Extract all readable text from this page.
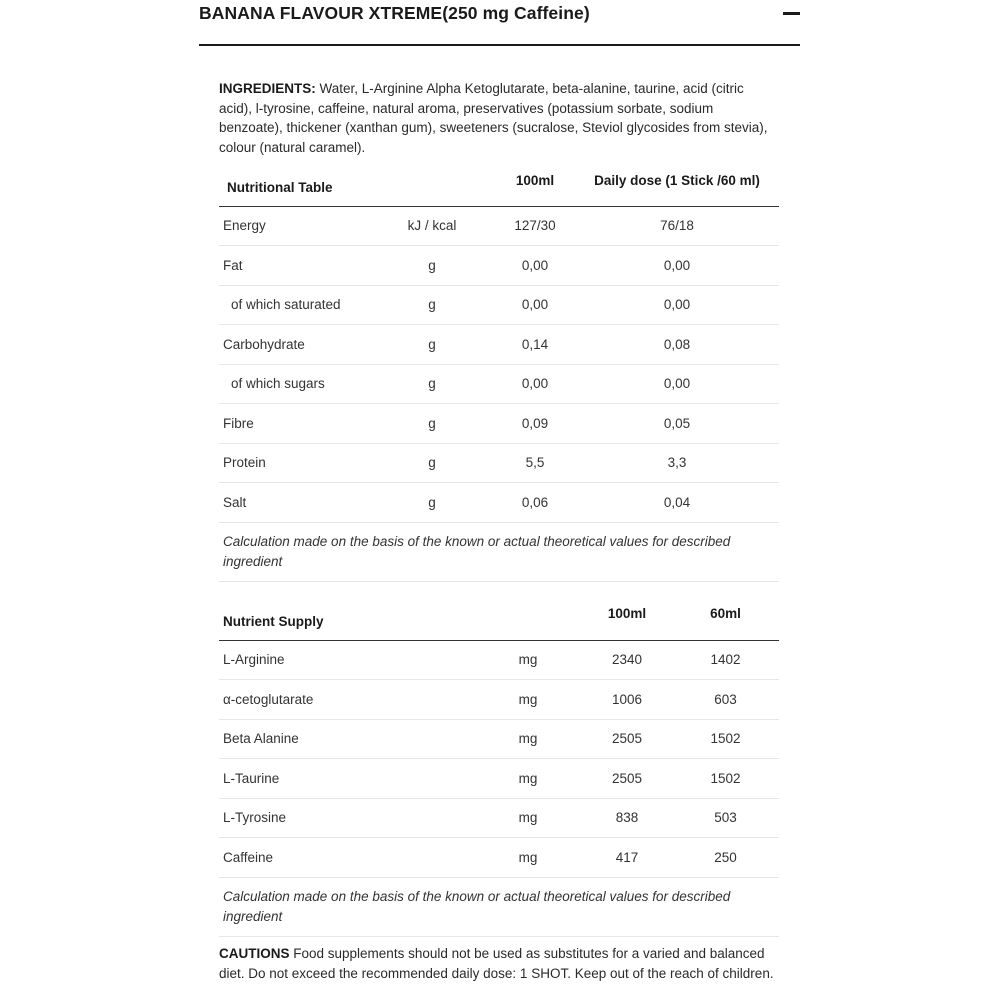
BANANA FLAVOUR XTREME(250 mg Caffeine)

INGREDIENTS: Water, L-Arginine Alpha Ketoglutarate, beta-alanine, taurine, acid (citric acid), l-tyrosine, caffeine, natural aroma, preservatives (potassium sorbate, sodium benzoate), thickener (xanthan gum), sweeteners (sucralose, Steviol glycosides from stevia), colour (natural caramel).

Nutritional Table		100ml	Daily dose (1 Stick /60 ml)
Energy	kJ / kcal	127/30	76/18
Fat	g	0,00	0,00
of which saturated	g	0,00	0,00
Carbohydrate	g	0,14	0,08
of which sugars	g	0,00	0,00
Fibre	g	0,09	0,05
Protein	g	5,5	3,3
Salt	g	0,06	0,04
Calculation made on the basis of the known or actual theoretical values for described ingredient			
Nutrient Supply		100ml	60ml
L-Arginine	mg	2340	1402
α-cetoglutarate	mg	1006	603
Beta Alanine	mg	2505	1502
L-Taurine	mg	2505	1502
L-Tyrosine	mg	838	503
Caffeine	mg	417	250
Calculation made on the basis of the known or actual theoretical values for described ingredient			

CAUTIONS Food supplements should not be used as substitutes for a varied and balanced diet. Do not exceed the recommended daily dose: 1 SHOT. Keep out of the reach of children.
